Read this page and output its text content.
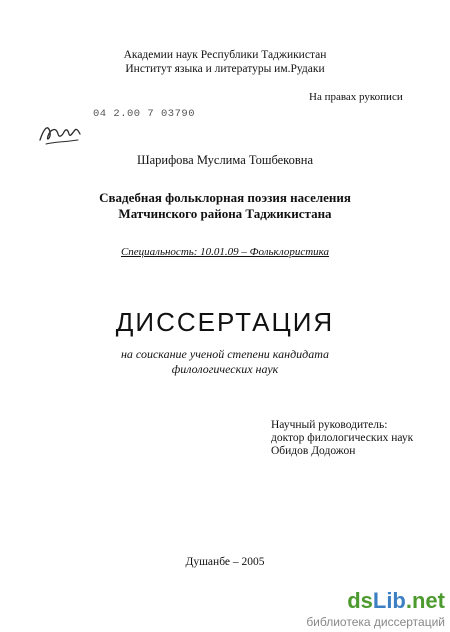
Академии наук Республики Таджикистан
Институт языка и литературы им.Рудаки
На правах рукописи
04 2.00 7 03790
Шарифова Муслима Тошбековна
Свадебная фольклорная поэзия населения
Матчинского района Таджикистана
Специальность: 10.01.09 – Фольклористика
ДИССЕРТАЦИЯ
на соискание ученой степени кандидата
филологических наук
Научный руководитель:
доктор филологических наук
Обидов Додожон
Душанбе – 2005
dsLib.net
библиотека диссертаций
